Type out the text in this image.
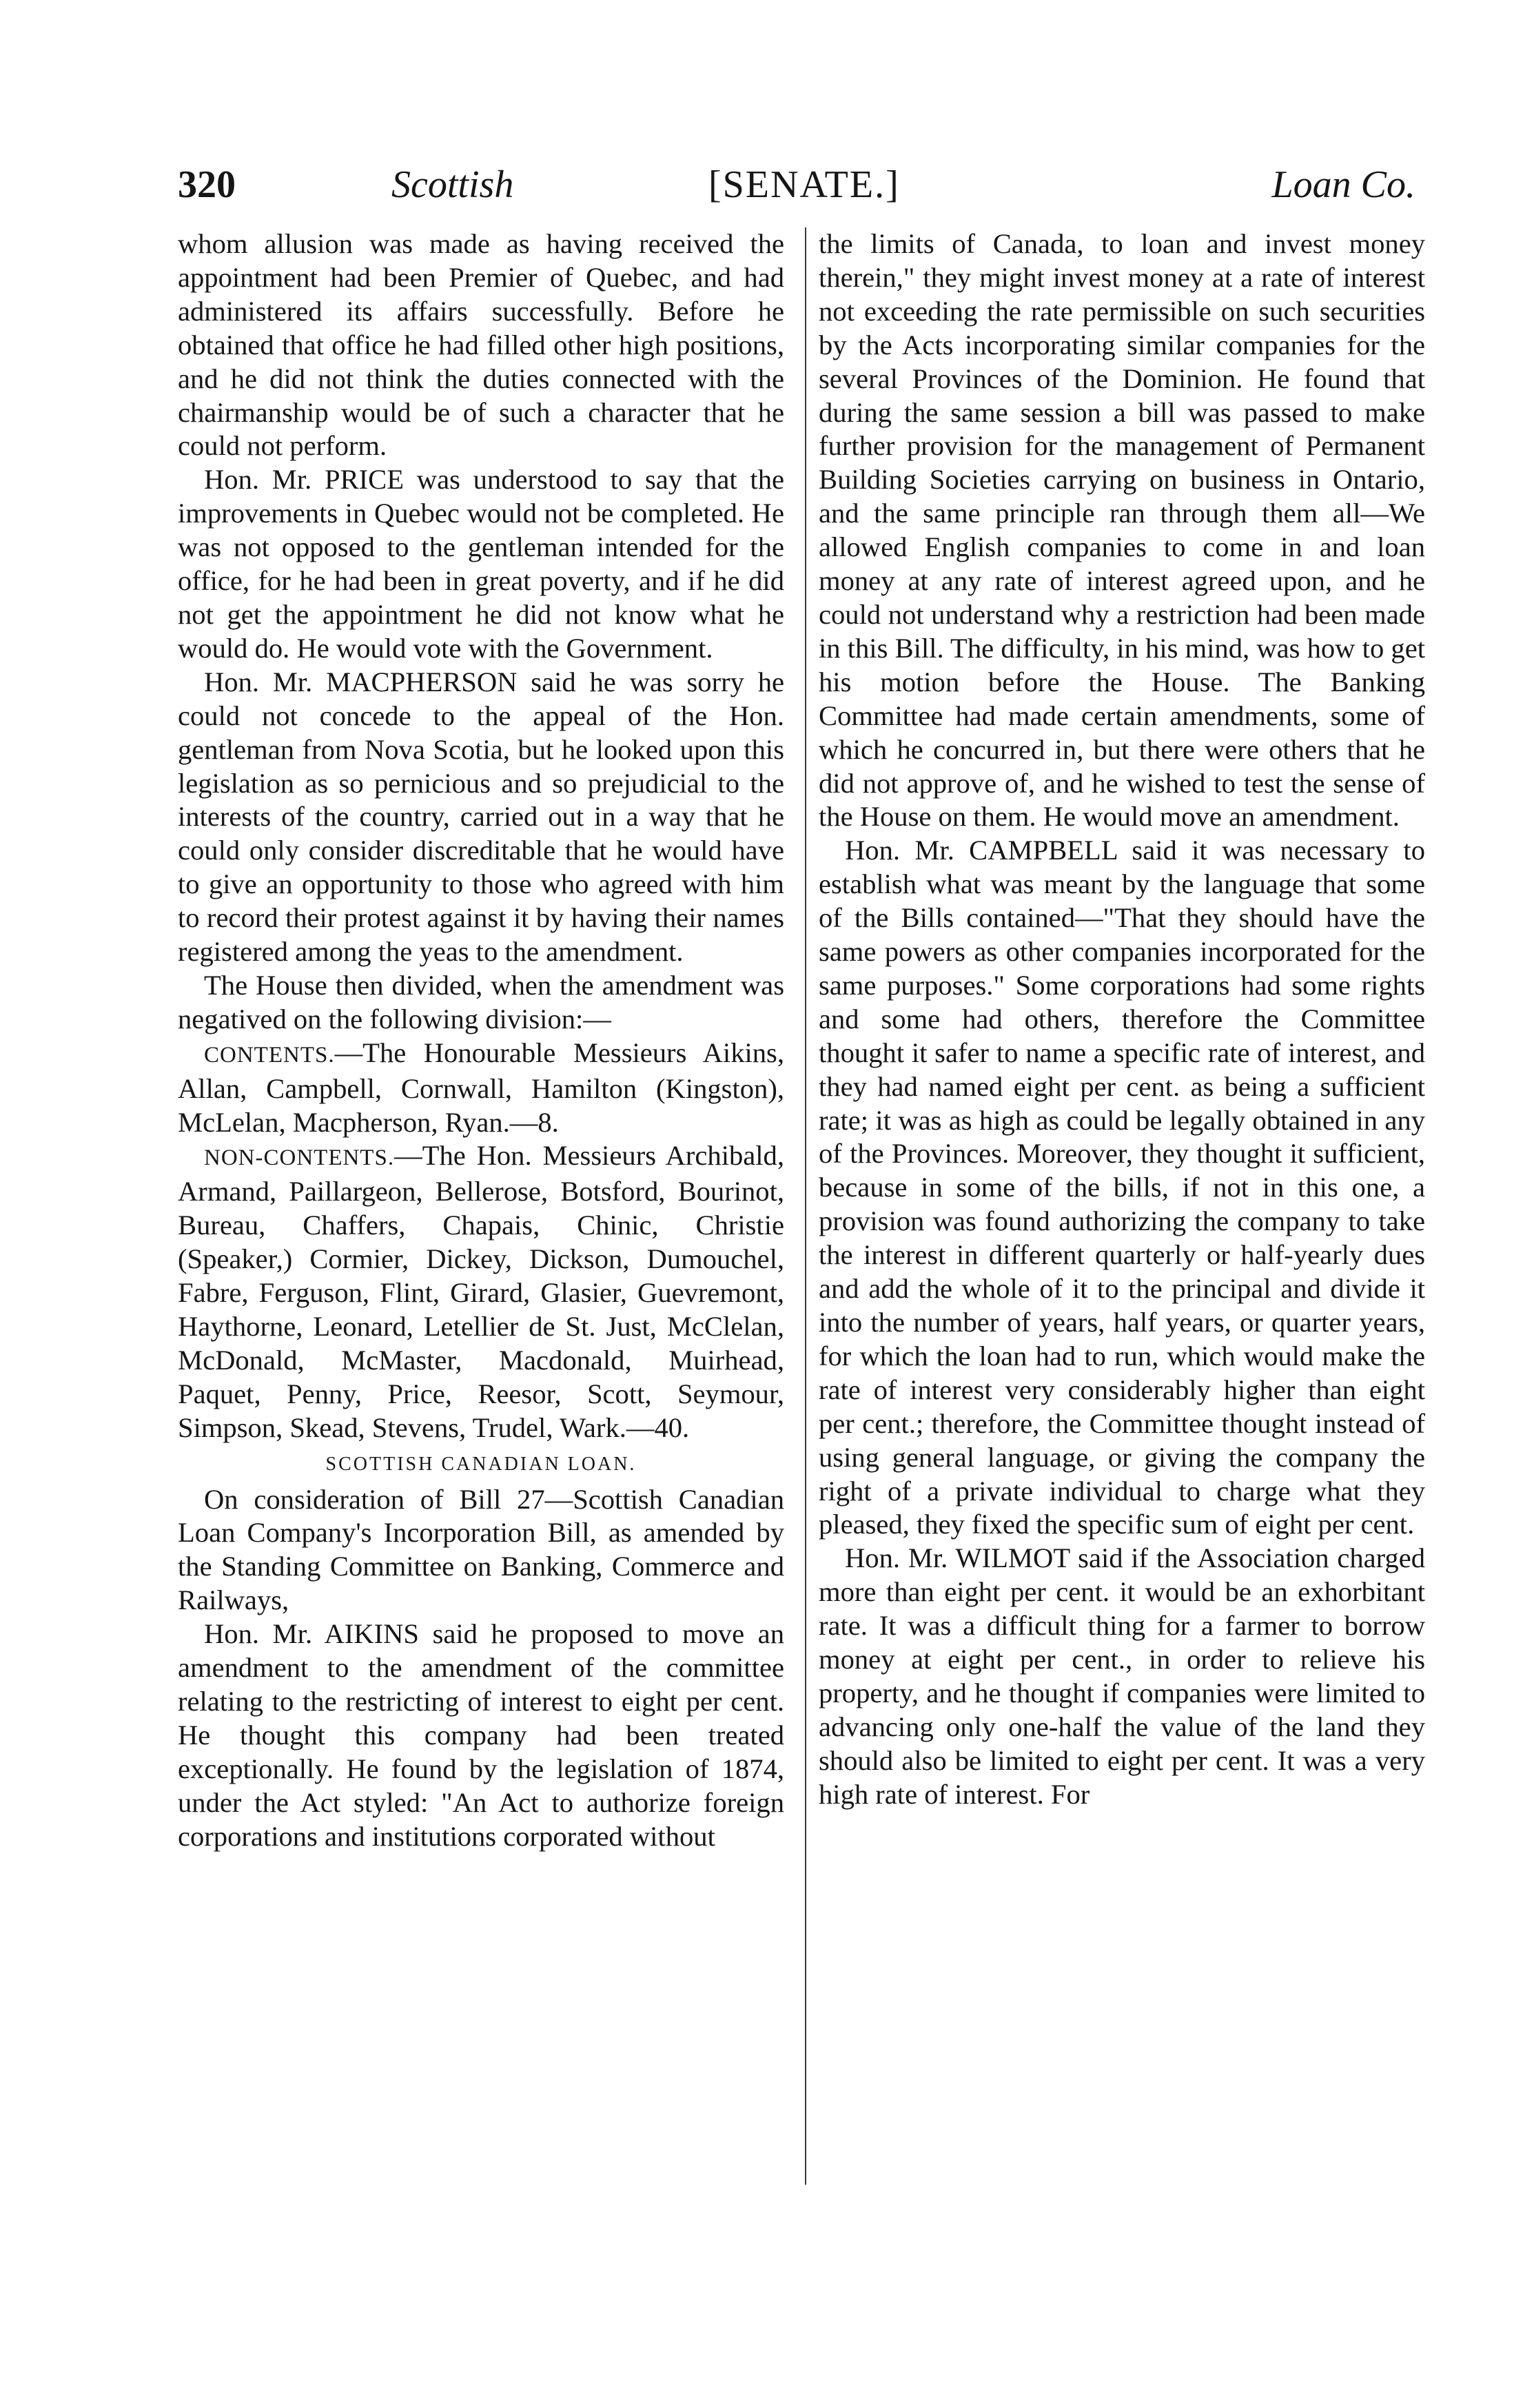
320	Scottish	[SENATE.]	Loan Co.

whom allusion was made as having received the appointment had been Premier of Quebec, and had administered its affairs successfully. Before he obtained that office he had filled other high positions, and he did not think the duties connected with the chairmanship would be of such a character that he could not perform.

Hon. Mr. PRICE was understood to say that the improvements in Quebec would not be completed. He was not opposed to the gentleman intended for the office, for he had been in great poverty, and if he did not get the appointment he did not know what he would do. He would vote with the Government.

Hon. Mr. MACPHERSON said he was sorry he could not concede to the appeal of the Hon. gentleman from Nova Scotia, but he looked upon this legislation as so pernicious and so prejudicial to the interests of the country, carried out in a way that he could only consider discreditable that he would have to give an opportunity to those who agreed with him to record their protest against it by having their names registered among the yeas to the amendment.

The House then divided, when the amendment was negatived on the following division:—

CONTENTS.—The Honourable Messieurs Aikins, Allan, Campbell, Cornwall, Hamilton (Kingston), McLelan, Macpherson, Ryan.—8.

NON-CONTENTS.—The Hon. Messieurs Archibald, Armand, Paillargeon, Bellerose, Botsford, Bourinot, Bureau, Chaffers, Chapais, Chinic, Christie (Speaker,) Cormier, Dickey, Dickson, Dumouchel, Fabre, Ferguson, Flint, Girard, Glasier, Guevremont, Haythorne, Leonard, Letellier de St. Just, McClelan, McDonald, McMaster, Macdonald, Muirhead, Paquet, Penny, Price, Reesor, Scott, Seymour, Simpson, Skead, Stevens, Trudel, Wark.—40.

SCOTTISH CANADIAN LOAN.

On consideration of Bill 27—Scottish Canadian Loan Company's Incorporation Bill, as amended by the Standing Committee on Banking, Commerce and Railways,

Hon. Mr. AIKINS said he proposed to move an amendment to the amendment of the committee relating to the restricting of interest to eight per cent. He thought this company had been treated exceptionally. He found by the legislation of 1874, under the Act styled: "An Act to authorize foreign corporations and institutions corporated without

the limits of Canada, to loan and invest money therein," they might invest money at a rate of interest not exceeding the rate permissible on such securities by the Acts incorporating similar companies for the several Provinces of the Dominion. He found that during the same session a bill was passed to make further provision for the management of Permanent Building Societies carrying on business in Ontario, and the same principle ran through them all—We allowed English companies to come in and loan money at any rate of interest agreed upon, and he could not understand why a restriction had been made in this Bill. The difficulty, in his mind, was how to get his motion before the House. The Banking Committee had made certain amendments, some of which he concurred in, but there were others that he did not approve of, and he wished to test the sense of the House on them. He would move an amendment.

Hon. Mr. CAMPBELL said it was necessary to establish what was meant by the language that some of the Bills contained—"That they should have the same powers as other companies incorporated for the same purposes." Some corporations had some rights and some had others, therefore the Committee thought it safer to name a specific rate of interest, and they had named eight per cent. as being a sufficient rate; it was as high as could be legally obtained in any of the Provinces. Moreover, they thought it sufficient, because in some of the bills, if not in this one, a provision was found authorizing the company to take the interest in different quarterly or half-yearly dues and add the whole of it to the principal and divide it into the number of years, half years, or quarter years, for which the loan had to run, which would make the rate of interest very considerably higher than eight per cent.; therefore, the Committee thought instead of using general language, or giving the company the right of a private individual to charge what they pleased, they fixed the specific sum of eight per cent.

Hon. Mr. WILMOT said if the Association charged more than eight per cent. it would be an exhorbitant rate. It was a difficult thing for a farmer to borrow money at eight per cent., in order to relieve his property, and he thought if companies were limited to advancing only one-half the value of the land they should also be limited to eight per cent. It was a very high rate of interest. For
